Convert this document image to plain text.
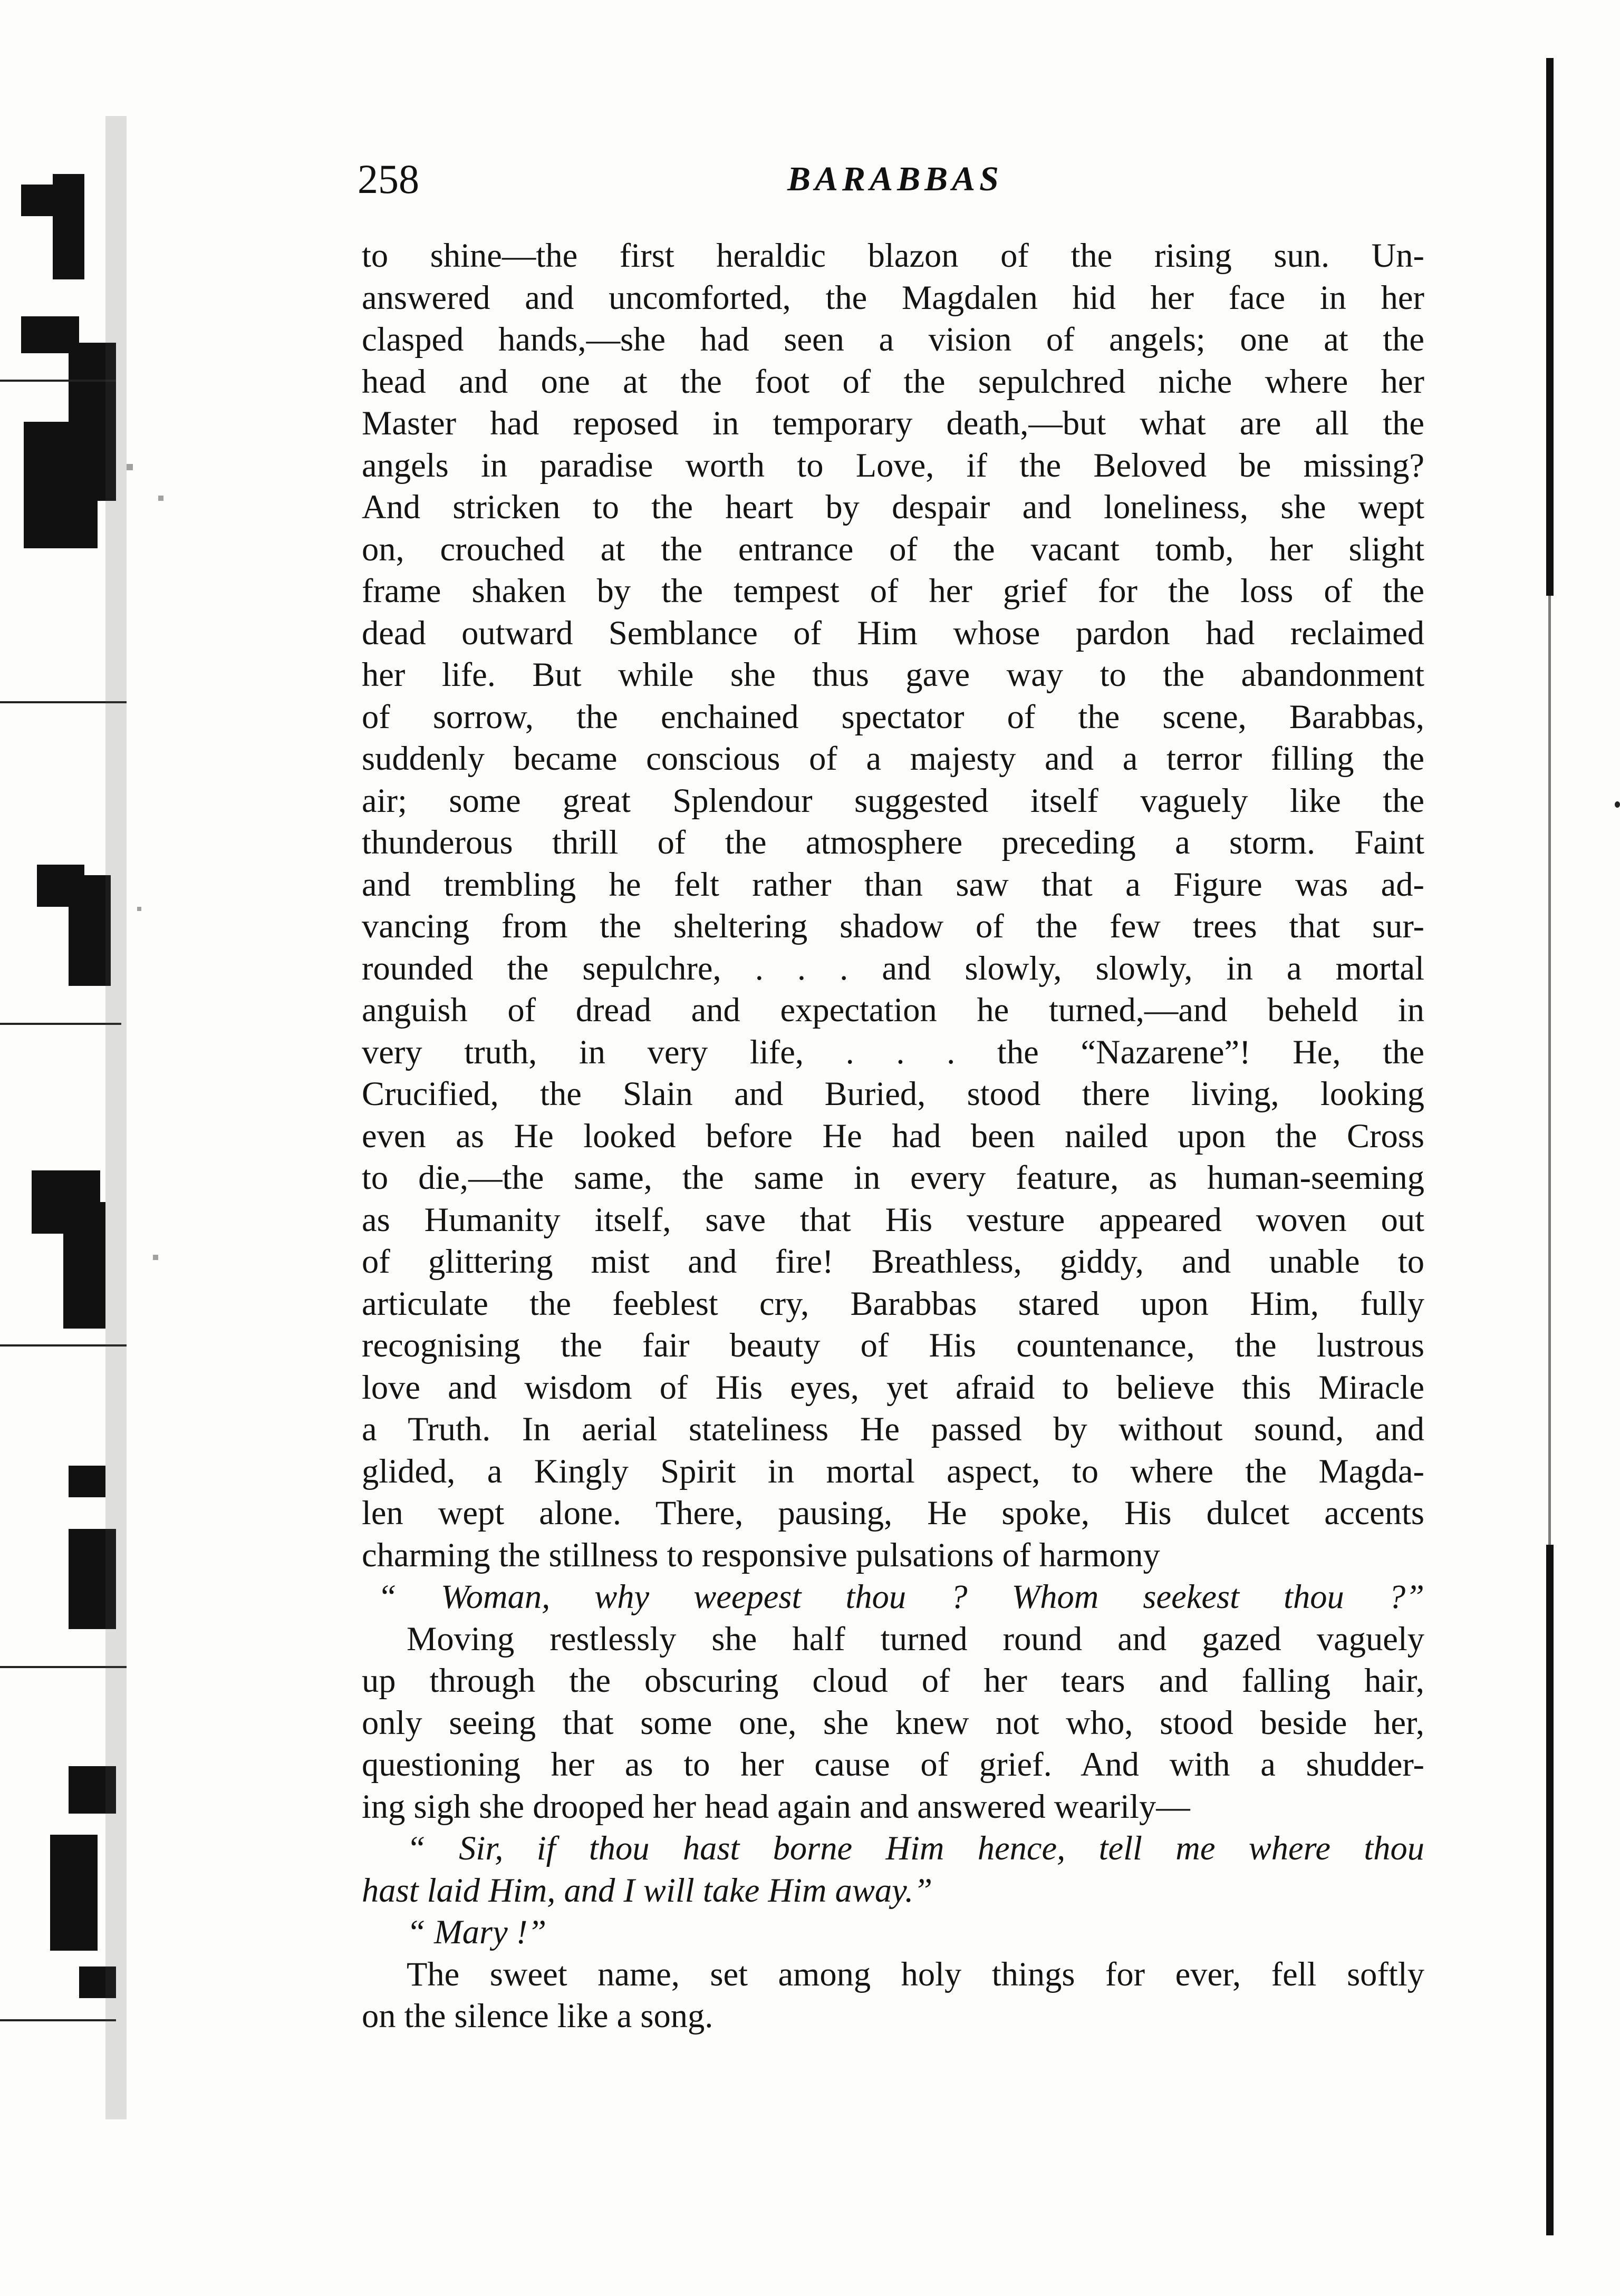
258	BARABBAS
to shine—the first heraldic blazon of the rising sun. Un-
answered and uncomforted, the Magdalen hid her face in her
clasped hands,—she had seen a vision of angels; one at the
head and one at the foot of the sepulchred niche where her
Master had reposed in temporary death,—but what are all the
angels in paradise worth to Love, if the Beloved be missing?
And stricken to the heart by despair and loneliness, she wept
on, crouched at the entrance of the vacant tomb, her slight
frame shaken by the tempest of her grief for the loss of the
dead outward Semblance of Him whose pardon had reclaimed
her life. But while she thus gave way to the abandonment
of sorrow, the enchained spectator of the scene, Barabbas,
suddenly became conscious of a majesty and a terror filling the
air; some great Splendour suggested itself vaguely like the
thunderous thrill of the atmosphere preceding a storm. Faint
and trembling he felt rather than saw that a Figure was ad-
vancing from the sheltering shadow of the few trees that sur-
rounded the sepulchre, . . . and slowly, slowly, in a mortal
anguish of dread and expectation he turned,—and beheld in
very truth, in very life, . . . the “Nazarene”! He, the
Crucified, the Slain and Buried, stood there living, looking
even as He looked before He had been nailed upon the Cross
to die,—the same, the same in every feature, as human-seeming
as Humanity itself, save that His vesture appeared woven out
of glittering mist and fire! Breathless, giddy, and unable to
articulate the feeblest cry, Barabbas stared upon Him, fully
recognising the fair beauty of His countenance, the lustrous
love and wisdom of His eyes, yet afraid to believe this Miracle
a Truth. In aerial stateliness He passed by without sound, and
glided, a Kingly Spirit in mortal aspect, to where the Magda-
len wept alone. There, pausing, He spoke, His dulcet accents
charming the stillness to responsive pulsations of harmony
“ Woman, why weepest thou ? Whom seekest thou ?”
Moving restlessly she half turned round and gazed vaguely
up through the obscuring cloud of her tears and falling hair,
only seeing that some one, she knew not who, stood beside her,
questioning her as to her cause of grief. And with a shudder-
ing sigh she drooped her head again and answered wearily—
“ Sir, if thou hast borne Him hence, tell me where thou
hast laid Him, and I will take Him away.”
“ Mary !”
The sweet name, set among holy things for ever, fell softly
on the silence like a song.
